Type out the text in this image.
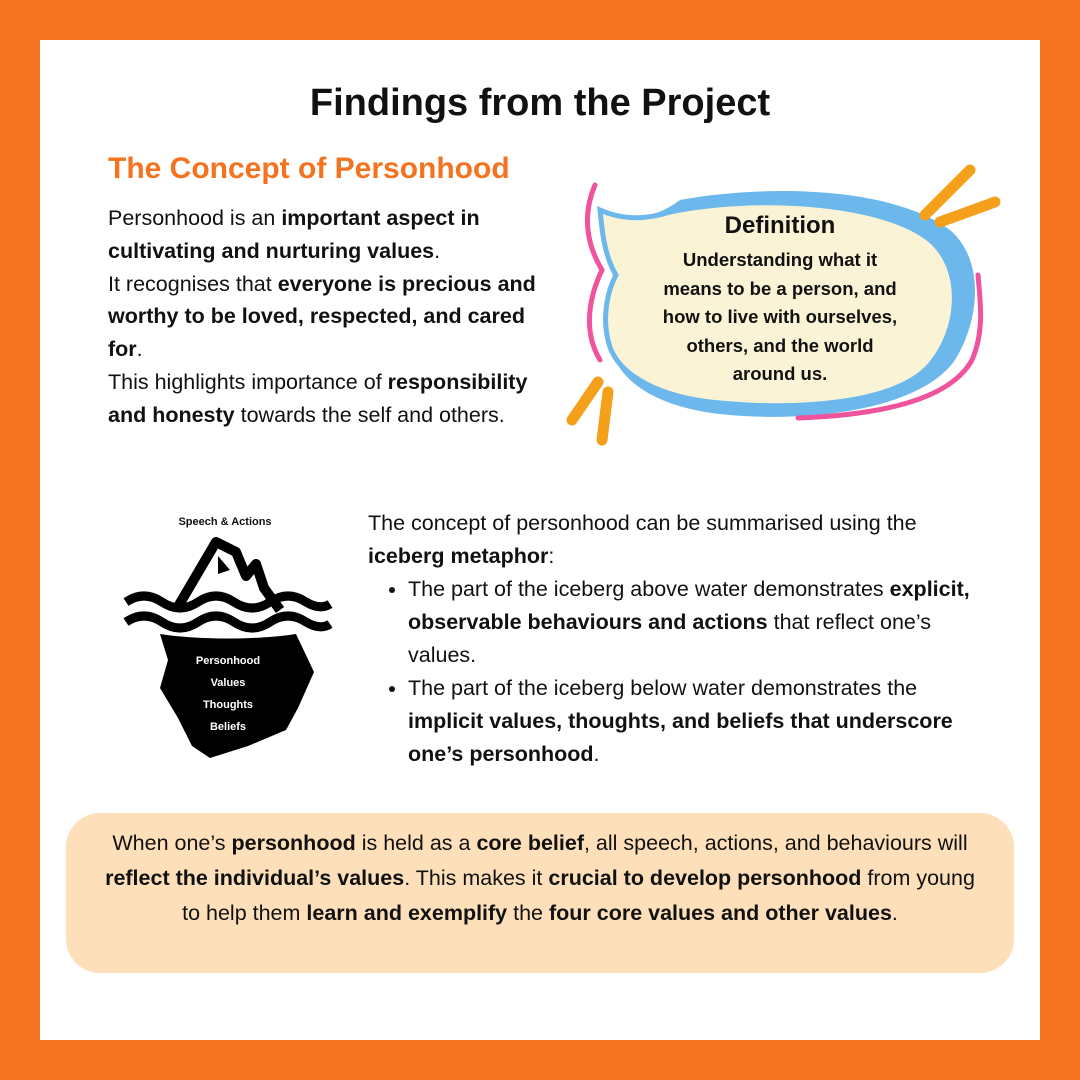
Findings from the Project
The Concept of Personhood

Personhood is an important aspect in cultivating and nurturing values.
It recognises that everyone is precious and worthy to be loved, respected, and cared for.
This highlights importance of responsibility and honesty towards the self and others.

Definition

Understanding what it
means to be a person, and
how to live with ourselves,
others, and the world
around us.

Speech & Actions
Personhood
Values
Thoughts
Beliefs

The concept of personhood can be summarised using the iceberg metaphor:

• The part of the iceberg above water demonstrates explicit, observable behaviours and actions that reflect one’s values.
• The part of the iceberg below water demonstrates the implicit values, thoughts, and beliefs that underscore one’s personhood.

When one’s personhood is held as a core belief, all speech, actions, and behaviours will reflect the individual’s values. This makes it crucial to develop personhood from young to help them learn and exemplify the four core values and other values.
